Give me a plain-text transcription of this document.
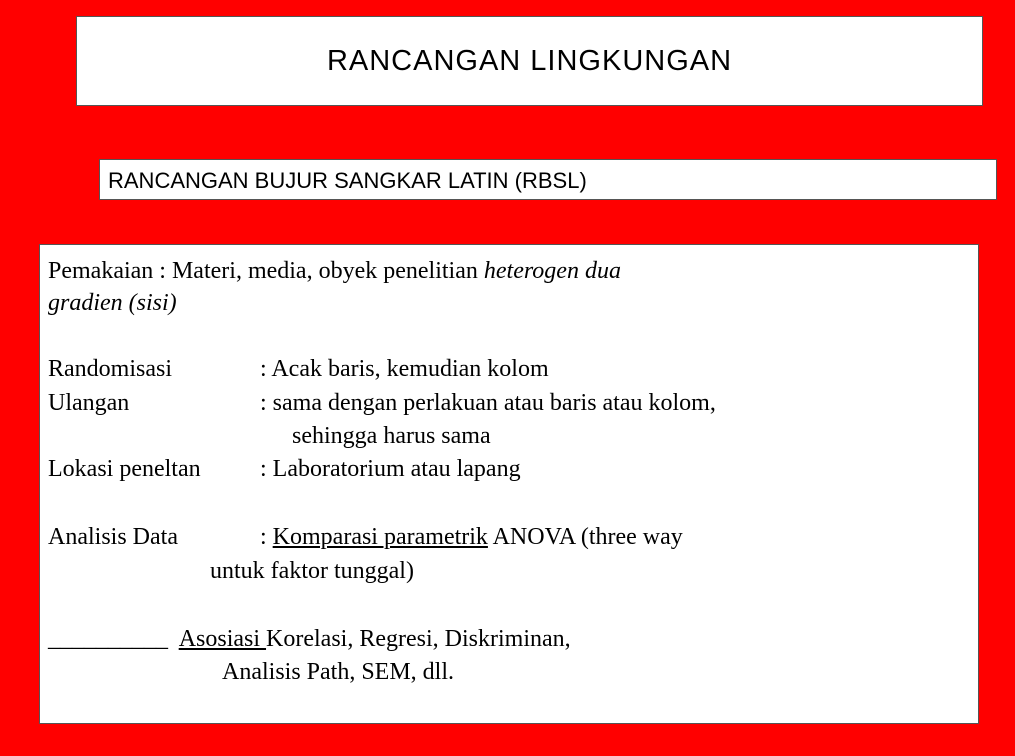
RANCANGAN LINGKUNGAN
RANCANGAN BUJUR SANGKAR LATIN (RBSL)
Pemakaian : Materi, media, obyek penelitian heterogen dua
gradien (sisi)
Randomisasi	: Acak baris, kemudian kolom
Ulangan	: sama dengan perlakuan atau baris atau kolom,
sehingga harus sama
Lokasi peneltan : Laboratorium atau lapang
Analisis Data	: Komparasi parametrik ANOVA (three way
untuk faktor tunggal)
__________ Asosiasi Korelasi, Regresi, Diskriminan,
Analisis Path, SEM, dll.
